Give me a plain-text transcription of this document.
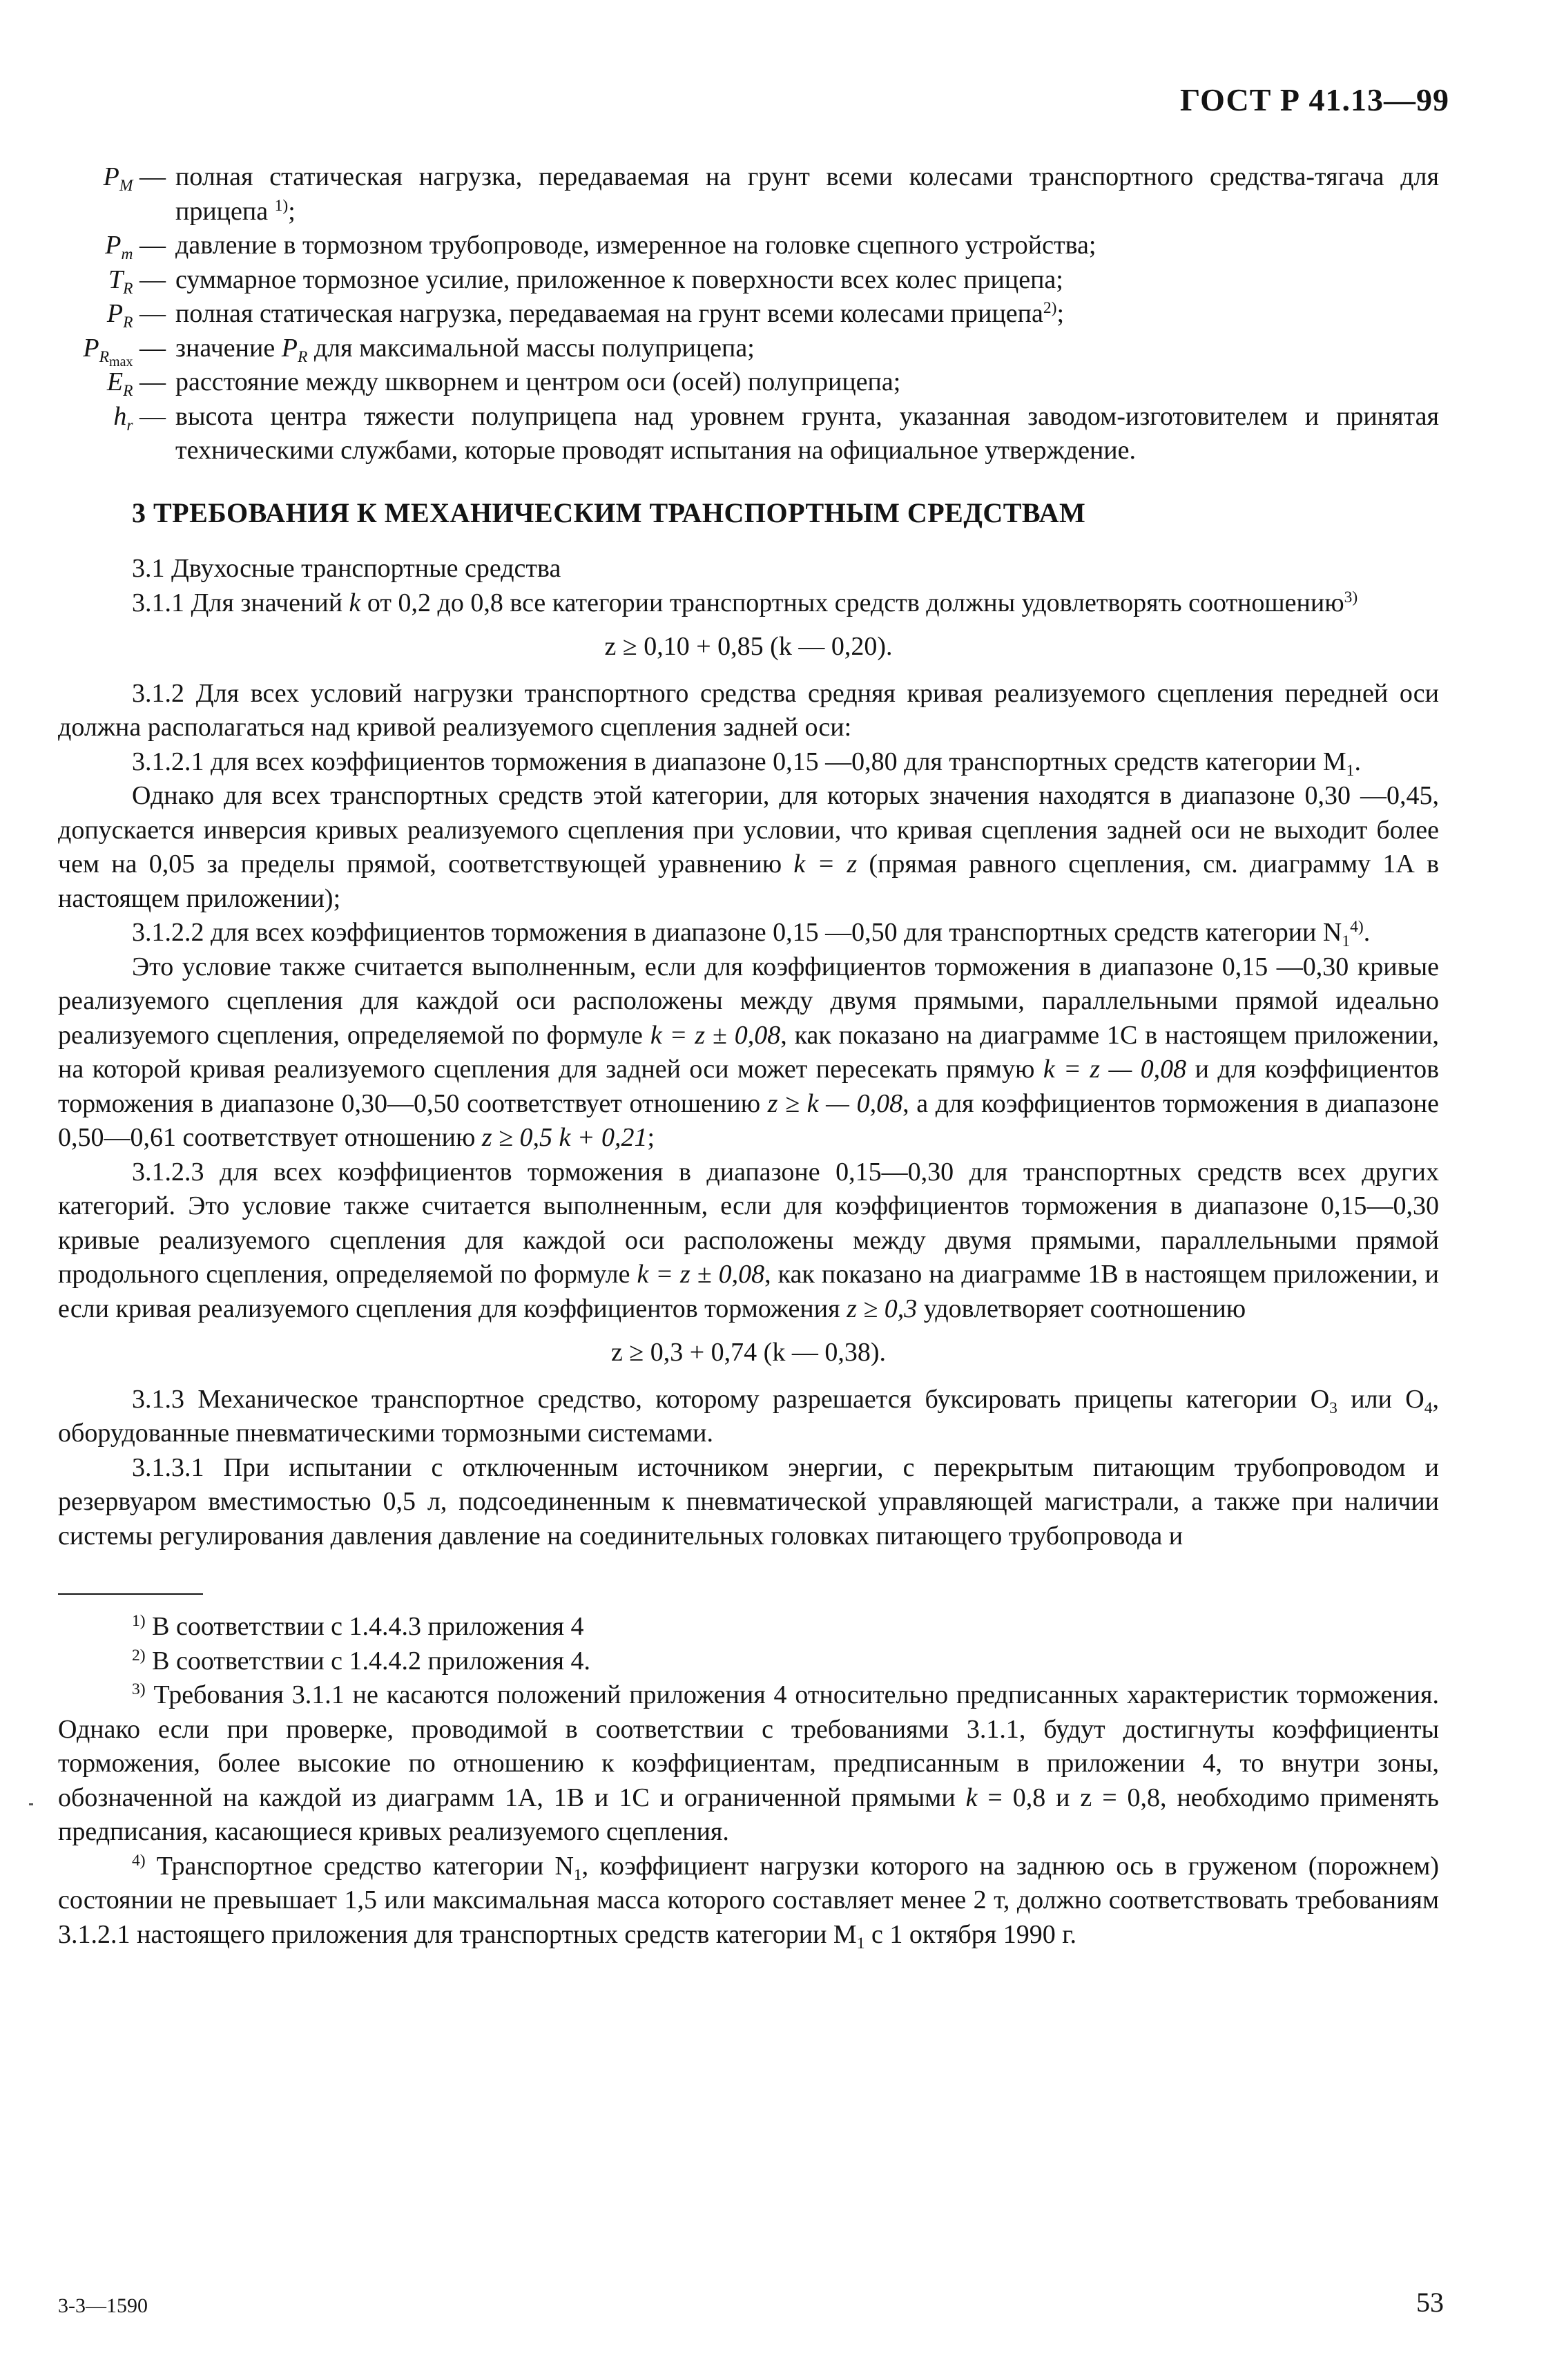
ГОСТ Р 41.13—99
$P_M$ — полная статическая нагрузка, передаваемая на грунт всеми колесами транспортного средства-тягача для прицепа $^{1)}$;
$P_m$ — давление в тормозном трубопроводе, измеренное на головке сцепного устройства;
$T_R$ — суммарное тормозное усилие, приложенное к поверхности всех колес прицепа;
$P_R$ — полная статическая нагрузка, передаваемая на грунт всеми колесами прицепа$^{2)}$;
$P_{R_{max}}$ — значение $P_R$ для максимальной массы полуприцепа;
$E_R$ — расстояние между шкворнем и центром оси (осей) полуприцепа;
$h_r$ — высота центра тяжести полуприцепа над уровнем грунта, указанная заводом-изготовителем и принятая техническими службами, которые проводят испытания на официальное утверждение.
3 ТРЕБОВАНИЯ К МЕХАНИЧЕСКИМ ТРАНСПОРТНЫМ СРЕДСТВАМ

3.1 Двухосные транспортные средства

3.1.1 Для значений k от 0,2 до 0,8 все категории транспортных средств должны удовлетворять соотношению$^{3)}$

z ≥ 0,10 + 0,85 (k — 0,20).

3.1.2 Для всех условий нагрузки транспортного средства средняя кривая реализуемого сцепления передней оси должна располагаться над кривой реализуемого сцепления задней оси:

3.1.2.1 для всех коэффициентов торможения в диапазоне 0,15 —0,80 для транспортных средств категории $M_1$.

Однако для всех транспортных средств этой категории, для которых значения находятся в диапазоне 0,30 —0,45, допускается инверсия кривых реализуемого сцепления при условии, что кривая сцепления задней оси не выходит более чем на 0,05 за пределы прямой, соответствующей уравнению k = z (прямая равного сцепления, см. диаграмму 1А в настоящем приложении);

3.1.2.2 для всех коэффициентов торможения в диапазоне 0,15 —0,50 для транспортных средств категории $N_1^{4)}$.

Это условие также считается выполненным, если для коэффициентов торможения в диапазоне 0,15 —0,30 кривые реализуемого сцепления для каждой оси расположены между двумя прямыми, параллельными прямой идеально реализуемого сцепления, определяемой по формуле k = z ± 0,08, как показано на диаграмме 1С в настоящем приложении, на которой кривая реализуемого сцепления для задней оси может пересекать прямую k = z — 0,08 и для коэффициентов торможения в диапазоне 0,30—0,50 соответствует отношению z ≥ k — 0,08, а для коэффициентов торможения в диапазоне 0,50—0,61 соответствует отношению z ≥ 0,5 k + 0,21;

3.1.2.3 для всех коэффициентов торможения в диапазоне 0,15—0,30 для транспортных средств всех других категорий. Это условие также считается выполненным, если для коэффициентов торможения в диапазоне 0,15—0,30 кривые реализуемого сцепления для каждой оси расположены между двумя прямыми, параллельными прямой продольного сцепления, определяемой по формуле k = z ± 0,08, как показано на диаграмме 1В в настоящем приложении, и если кривая реализуемого сцепления для коэффициентов торможения z ≥ 0,3 удовлетворяет соотношению

z ≥ 0,3 + 0,74 (k — 0,38).

3.1.3 Механическое транспортное средство, которому разрешается буксировать прицепы категории $O_3$ или $O_4$, оборудованные пневматическими тормозными системами.

3.1.3.1 При испытании с отключенным источником энергии, с перекрытым питающим трубопроводом и резервуаром вместимостью 0,5 л, подсоединенным к пневматической управляющей магистрали, а также при наличии системы регулирования давления давление на соединительных головках питающего трубопровода и

$^{1)}$ В соответствии с 1.4.4.3 приложения 4

$^{2)}$ В соответствии с 1.4.4.2 приложения 4.

$^{3)}$ Требования 3.1.1 не касаются положений приложения 4 относительно предписанных характеристик торможения. Однако если при проверке, проводимой в соответствии с требованиями 3.1.1, будут достигнуты коэффициенты торможения, более высокие по отношению к коэффициентам, предписанным в приложении 4, то внутри зоны, обозначенной на каждой из диаграмм 1А, 1В и 1С и ограниченной прямыми k = 0,8 и z = 0,8, необходимо применять предписания, касающиеся кривых реализуемого сцепления.

$^{4)}$ Транспортное средство категории $N_1$, коэффициент нагрузки которого на заднюю ось в груженом (порожнем) состоянии не превышает 1,5 или максимальная масса которого составляет менее 2 т, должно соответствовать требованиям 3.1.2.1 настоящего приложения для транспортных средств категории $M_1$ с 1 октября 1990 г.

3-3—1590	53
